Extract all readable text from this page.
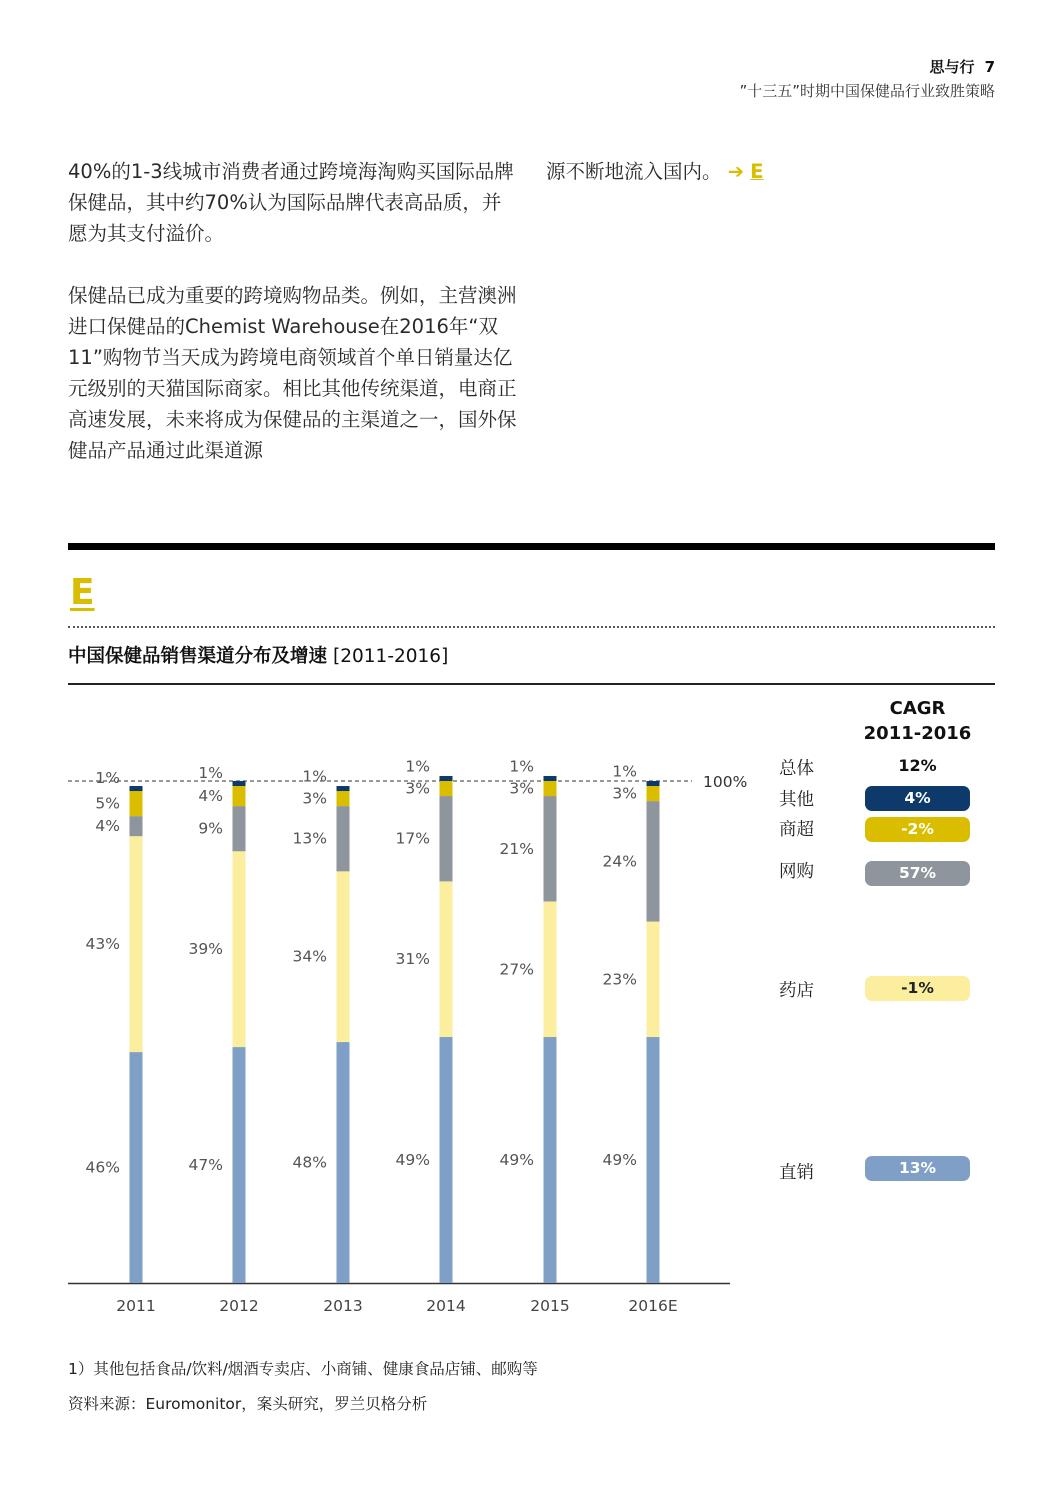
思与行 7
”十三五”时期中国保健品行业致胜策略

40%的1-3线城市消费者通过跨境海淘购买国际品牌保健品，其中约70%认为国际品牌代表高品质，并愿为其支付溢价。

保健品已成为重要的跨境购物品类。例如，主营澳洲进口保健品的Chemist Warehouse在2016年“双11”购物节当天成为跨境电商领域首个单日销量达亿元级别的天猫国际商家。相比其他传统渠道，电商正高速发展，未来将成为保健品的主渠道之一，国外保健品产品通过此渠道源

源不断地流入国内。 ➔ E
E
中国保健品销售渠道分布及增速 [2011-2016]
CAGR
2011-2016
总体	12%
其他	4%
商超	-2%
网购	57%
药店	-1%
直销	13%
100%
46%
43%
4%
5%
1%
2011
47%
39%
9%
4%
1%
2012
48%
34%
13%
3%
1%
2013
49%
31%
17%
3%
1%
2014
49%
27%
21%
3%
1%
2015
49%
23%
24%
3%
1%
2016E
1）其他包括食品/饮料/烟酒专卖店、小商铺、健康食品店铺、邮购等
资料来源：Euromonitor，案头研究，罗兰贝格分析
